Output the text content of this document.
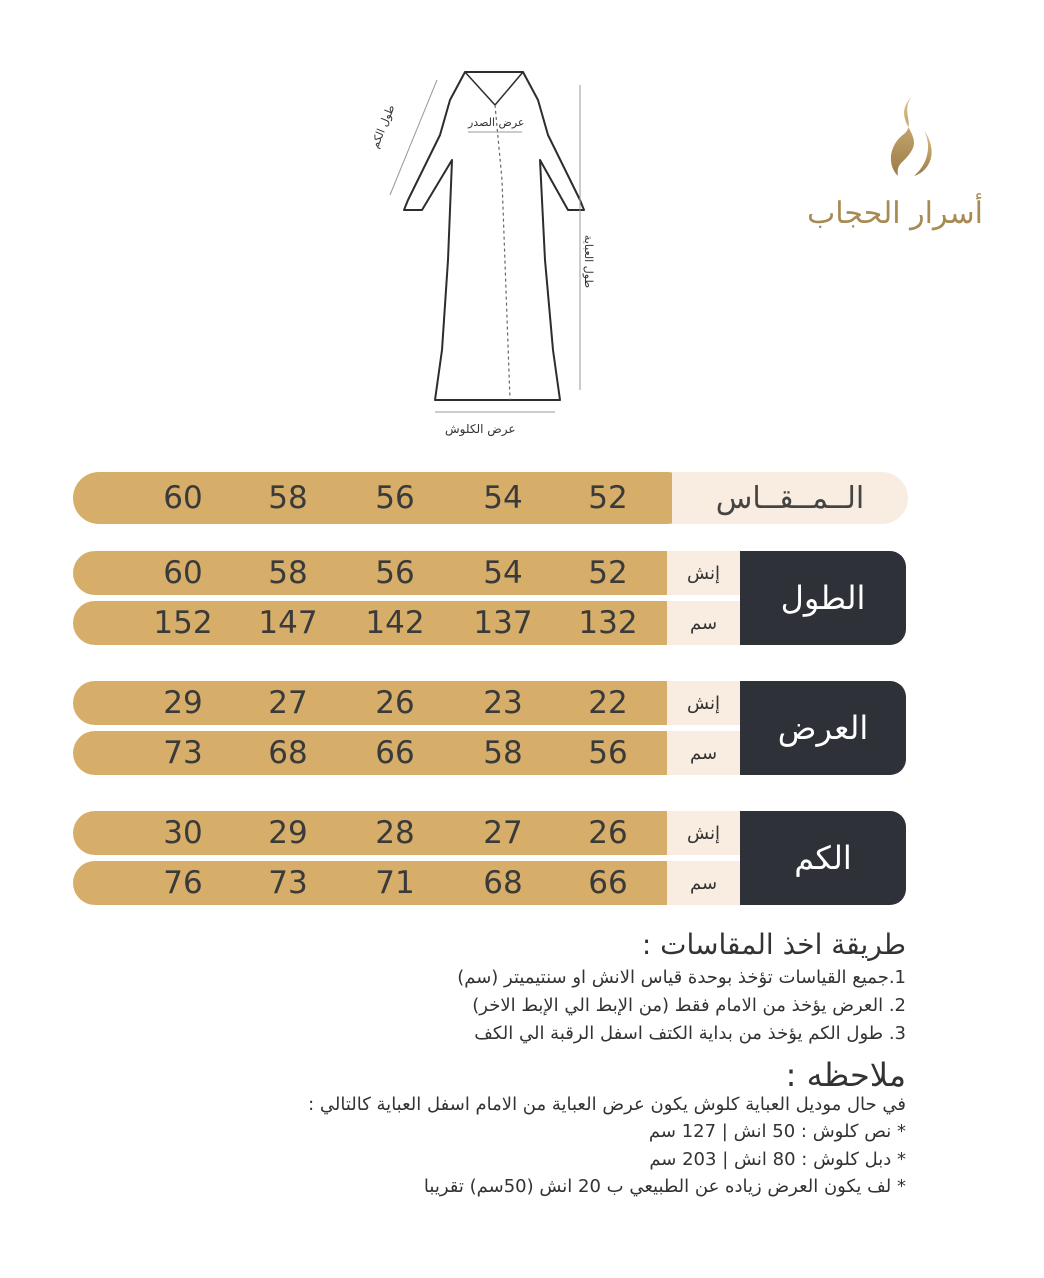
طول الكم	عرض الصدر
طول العباية
عرض الكلوش
أسرار الحجاب
60	58	56	54	52	الــمــقــاس
60	58	56	54	52	إنش
152	147	142	137	132	سم
الطول
29	27	26	23	22	إنش
73	68	66	58	56	سم
العرض
30	29	28	27	26	إنش
76	73	71	68	66	سم
الكم
طريقة اخذ المقاسات :
1.جميع القياسات تؤخذ بوحدة قياس الانش او سنتيميتر (سم)
2. العرض يؤخذ من الامام فقط (من الإبط الي الإبط الاخر)
3. طول الكم يؤخذ من بداية الكتف اسفل الرقبة الي الكف
ملاحظه :
في حال موديل العباية كلوش يكون عرض العباية من الامام اسفل العباية كالتالي :
* نص كلوش : 50 انش | 127 سم
* دبل كلوش : 80 انش | 203 سم
* لف يكون العرض زياده عن الطبيعي ب 20 انش (50سم) تقريبا
